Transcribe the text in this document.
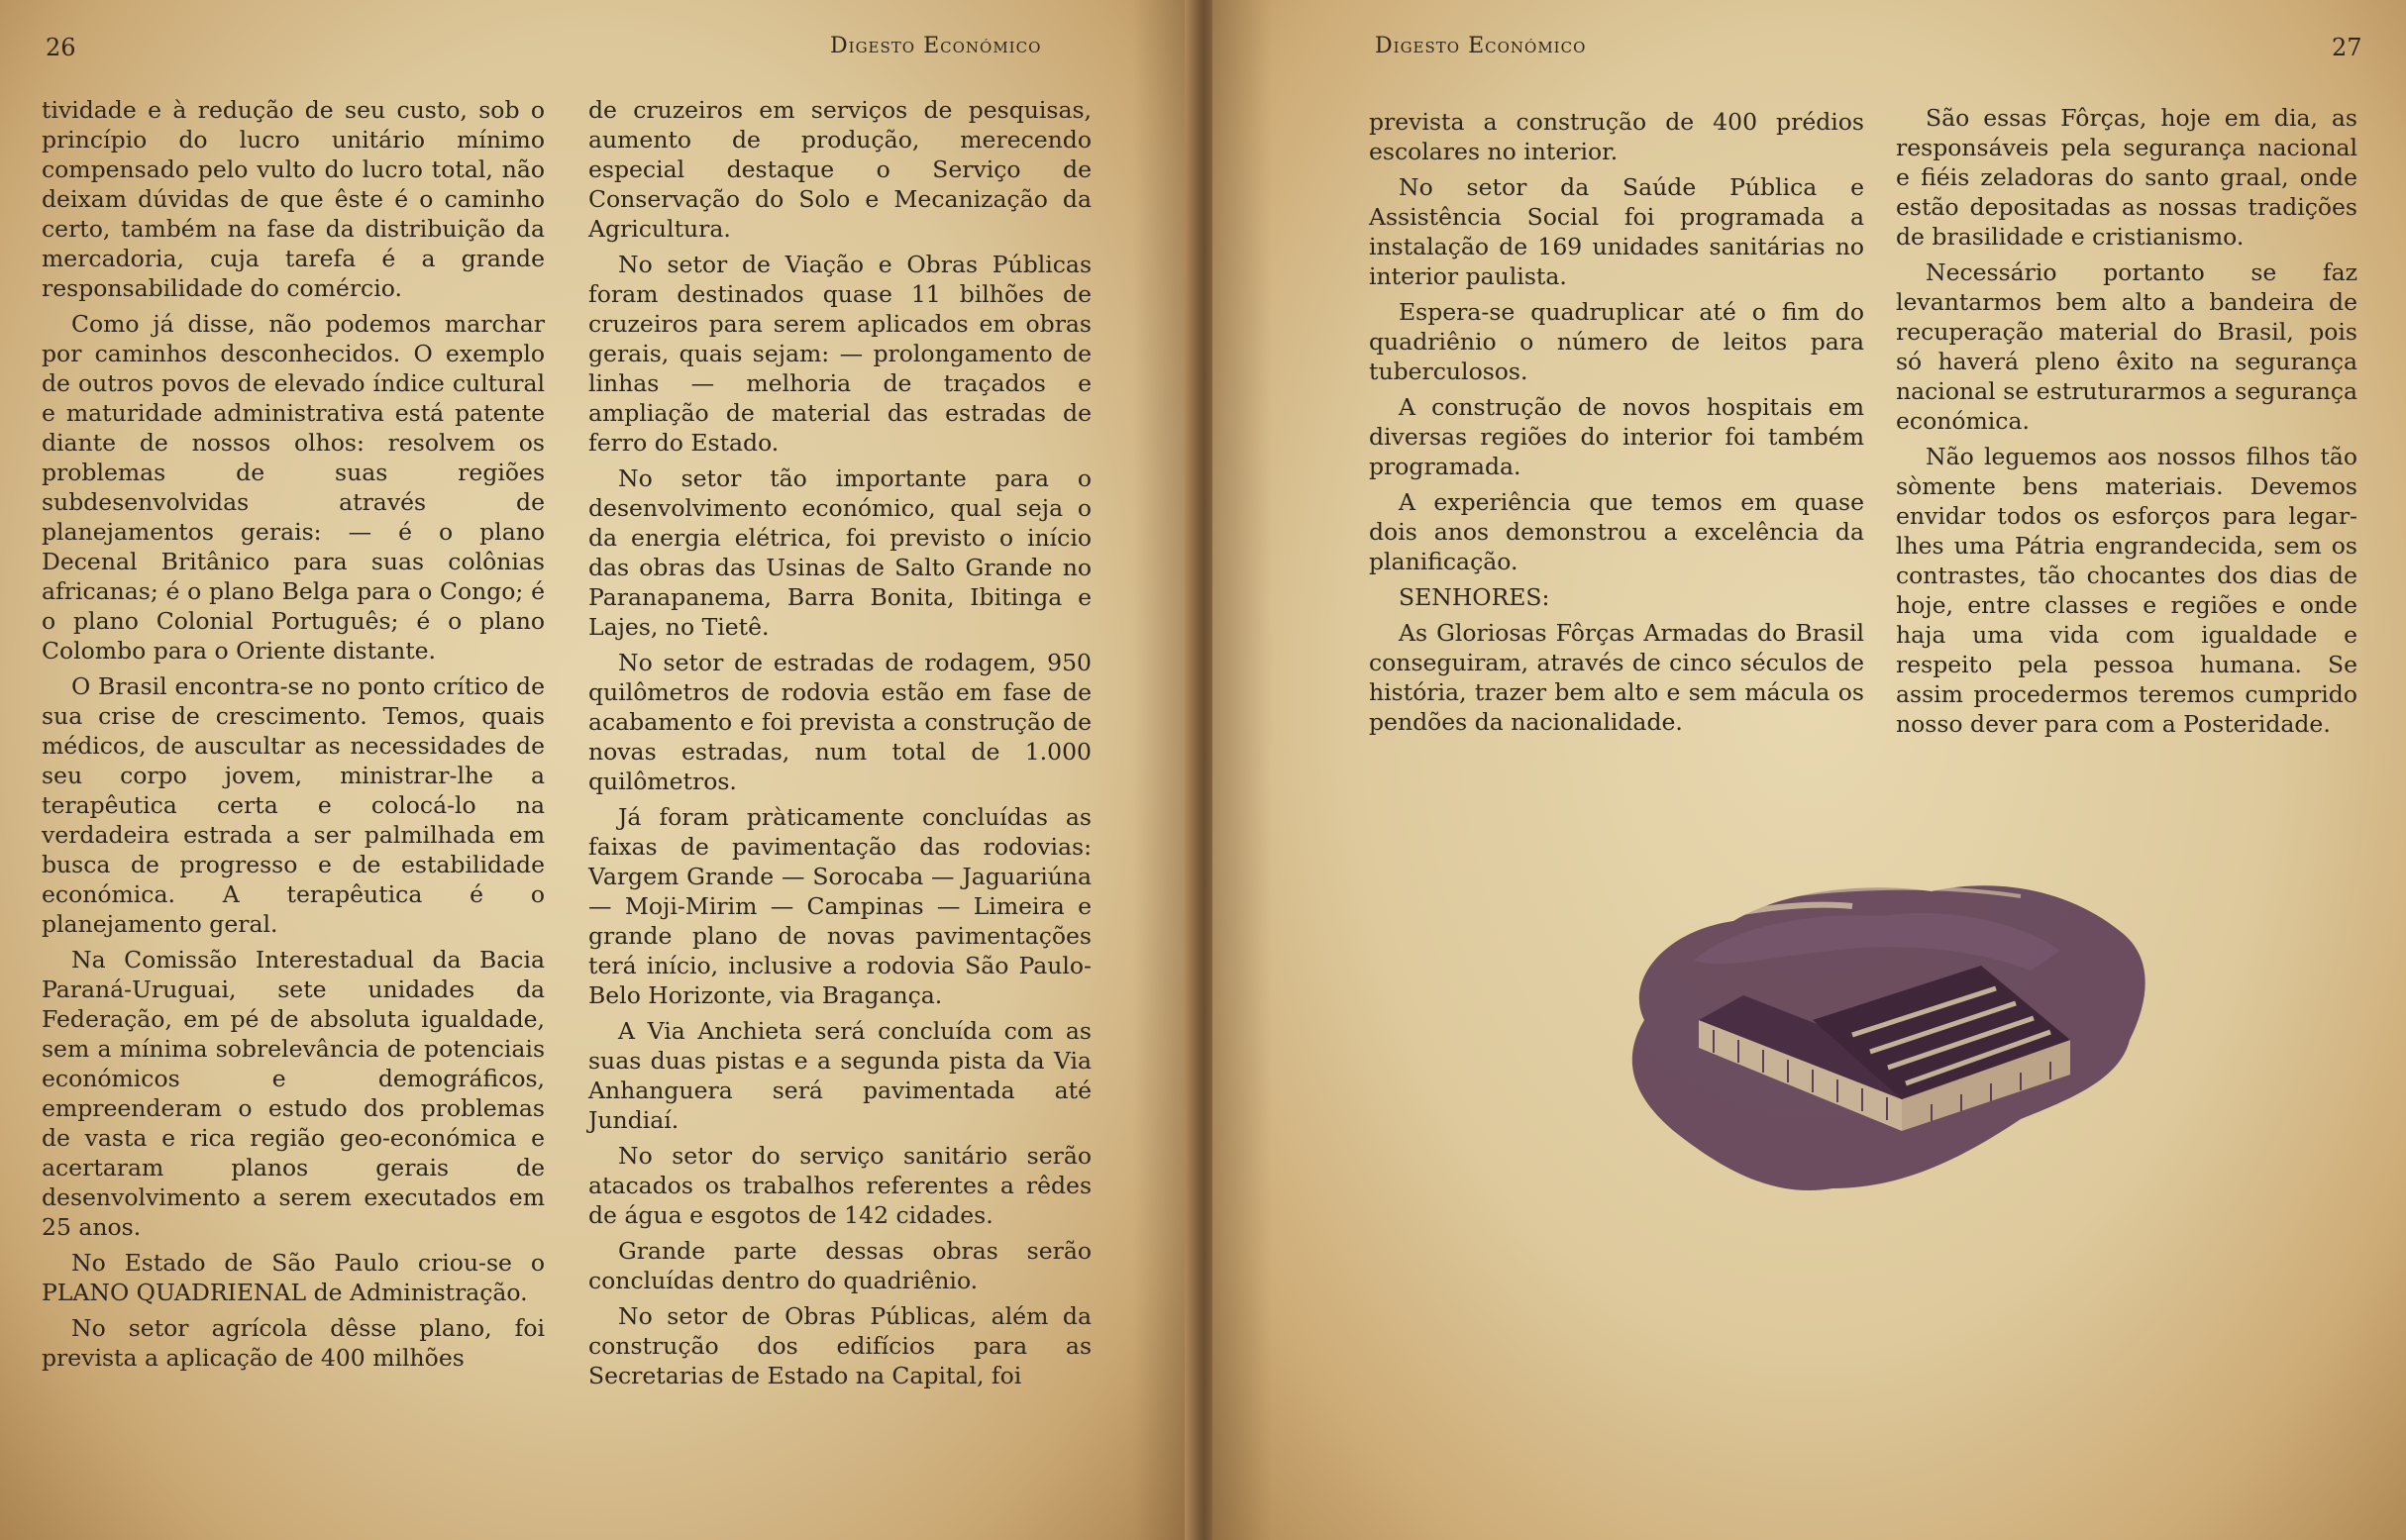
26	Digesto Económico

tividade e à redução de seu custo, sob o princípio do lucro unitário mínimo compensado pelo vulto do lucro total, não deixam dúvidas de que êste é o caminho certo, também na fase da distribuição da mercadoria, cuja tarefa é a grande responsabilidade do comércio.

Como já disse, não podemos marchar por caminhos desconhecidos. O exemplo de outros povos de elevado índice cultural e maturidade administrativa está patente diante de nossos olhos: resolvem os problemas de suas regiões subdesenvolvidas através de planejamentos gerais: — é o plano Decenal Britânico para suas colônias africanas; é o plano Belga para o Congo; é o plano Colonial Português; é o plano Colombo para o Oriente distante.

O Brasil encontra-se no ponto crítico de sua crise de crescimento. Temos, quais médicos, de auscultar as necessidades de seu corpo jovem, ministrar-lhe a terapêutica certa e colocá-lo na verdadeira estrada a ser palmilhada em busca de progresso e de estabilidade económica. A terapêutica é o planejamento geral.

Na Comissão Interestadual da Bacia Paraná-Uruguai, sete unidades da Federação, em pé de absoluta igualdade, sem a mínima sobrelevância de potenciais económicos e demográficos, empreenderam o estudo dos problemas de vasta e rica região geo-económica e acertaram planos gerais de desenvolvimento a serem executados em 25 anos.

No Estado de São Paulo criou-se o PLANO QUADRIENAL de Administração.

No setor agrícola dêsse plano, foi prevista a aplicação de 400 milhões

de cruzeiros em serviços de pesquisas, aumento de produção, merecendo especial destaque o Serviço de Conservação do Solo e Mecanização da Agricultura.

No setor de Viação e Obras Públicas foram destinados quase 11 bilhões de cruzeiros para serem aplicados em obras gerais, quais sejam: — prolongamento de linhas — melhoria de traçados e ampliação de material das estradas de ferro do Estado.

No setor tão importante para o desenvolvimento económico, qual seja o da energia elétrica, foi previsto o início das obras das Usinas de Salto Grande no Paranapanema, Barra Bonita, Ibitinga e Lajes, no Tietê.

No setor de estradas de rodagem, 950 quilômetros de rodovia estão em fase de acabamento e foi prevista a construção de novas estradas, num total de 1.000 quilômetros.

Já foram pràticamente concluídas as faixas de pavimentação das rodovias: Vargem Grande — Sorocaba — Jaguariúna — Moji-Mirim — Campinas — Limeira e grande plano de novas pavimentações terá início, inclusive a rodovia São Paulo-Belo Horizonte, via Bragança.

A Via Anchieta será concluída com as suas duas pistas e a segunda pista da Via Anhanguera será pavimentada até Jundiaí.

No setor do serviço sanitário serão atacados os trabalhos referentes a rêdes de água e esgotos de 142 cidades.

Grande parte dessas obras serão concluídas dentro do quadriênio.

No setor de Obras Públicas, além da construção dos edifícios para as Secretarias de Estado na Capital, foi

Digesto Económico	27

prevista a construção de 400 prédios escolares no interior.

No setor da Saúde Pública e Assistência Social foi programada a instalação de 169 unidades sanitárias no interior paulista.

Espera-se quadruplicar até o fim do quadriênio o número de leitos para tuberculosos.

A construção de novos hospitais em diversas regiões do interior foi também programada.

A experiência que temos em quase dois anos demonstrou a excelência da planificação.

SENHORES:

As Gloriosas Fôrças Armadas do Brasil conseguiram, através de cinco séculos de história, trazer bem alto e sem mácula os pendões da nacionalidade.

São essas Fôrças, hoje em dia, as responsáveis pela segurança nacional e fiéis zeladoras do santo graal, onde estão depositadas as nossas tradições de brasilidade e cristianismo.

Necessário portanto se faz levantarmos bem alto a bandeira de recuperação material do Brasil, pois só haverá pleno êxito na segurança nacional se estruturarmos a segurança económica.

Não leguemos aos nossos filhos tão sòmente bens materiais. Devemos envidar todos os esforços para legar-lhes uma Pátria engrandecida, sem os contrastes, tão chocantes dos dias de hoje, entre classes e regiões e onde haja uma vida com igualdade e respeito pela pessoa humana. Se assim procedermos teremos cumprido nosso dever para com a Posteridade.
